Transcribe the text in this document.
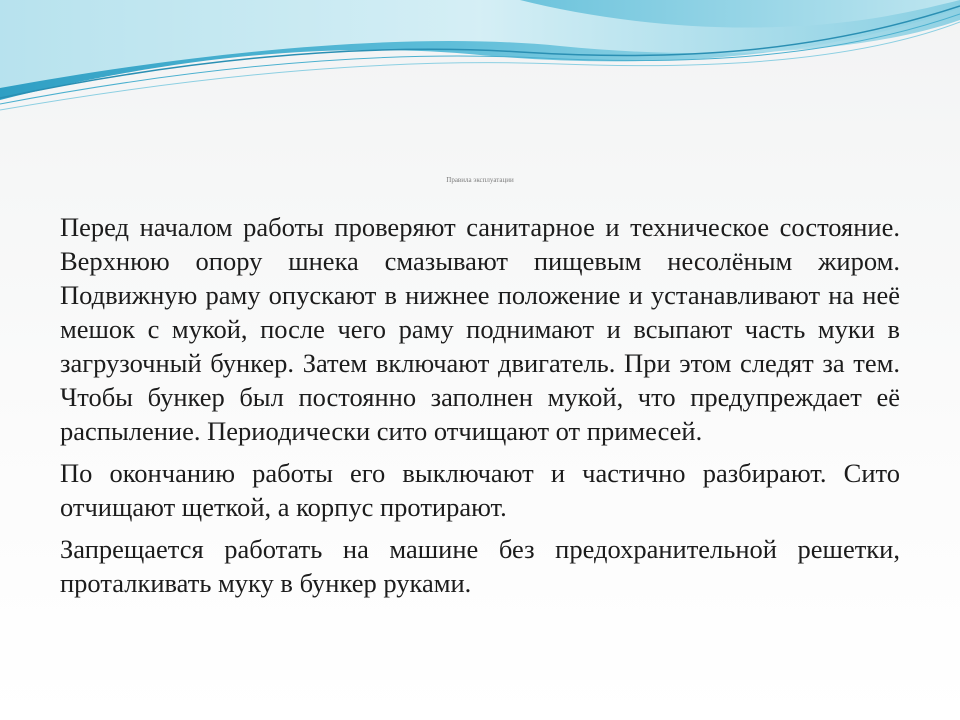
Правила эксплуатации

Перед началом работы проверяют санитарное и техническое состояние. Верхнюю опору шнека смазывают пищевым несолёным жиром. Подвижную раму опускают в нижнее положение и устанавливают на неё мешок с мукой, после чего раму поднимают и всыпают часть муки в загрузочный бункер. Затем включают двигатель. При этом следят за тем. Чтобы бункер был постоянно заполнен мукой, что предупреждает её распыление. Периодически сито отчищают от примесей.

По окончанию работы его выключают и частично разбирают. Сито отчищают щеткой, а корпус протирают.

Запрещается работать на машине без предохранительной решетки, проталкивать муку в бункер руками.
